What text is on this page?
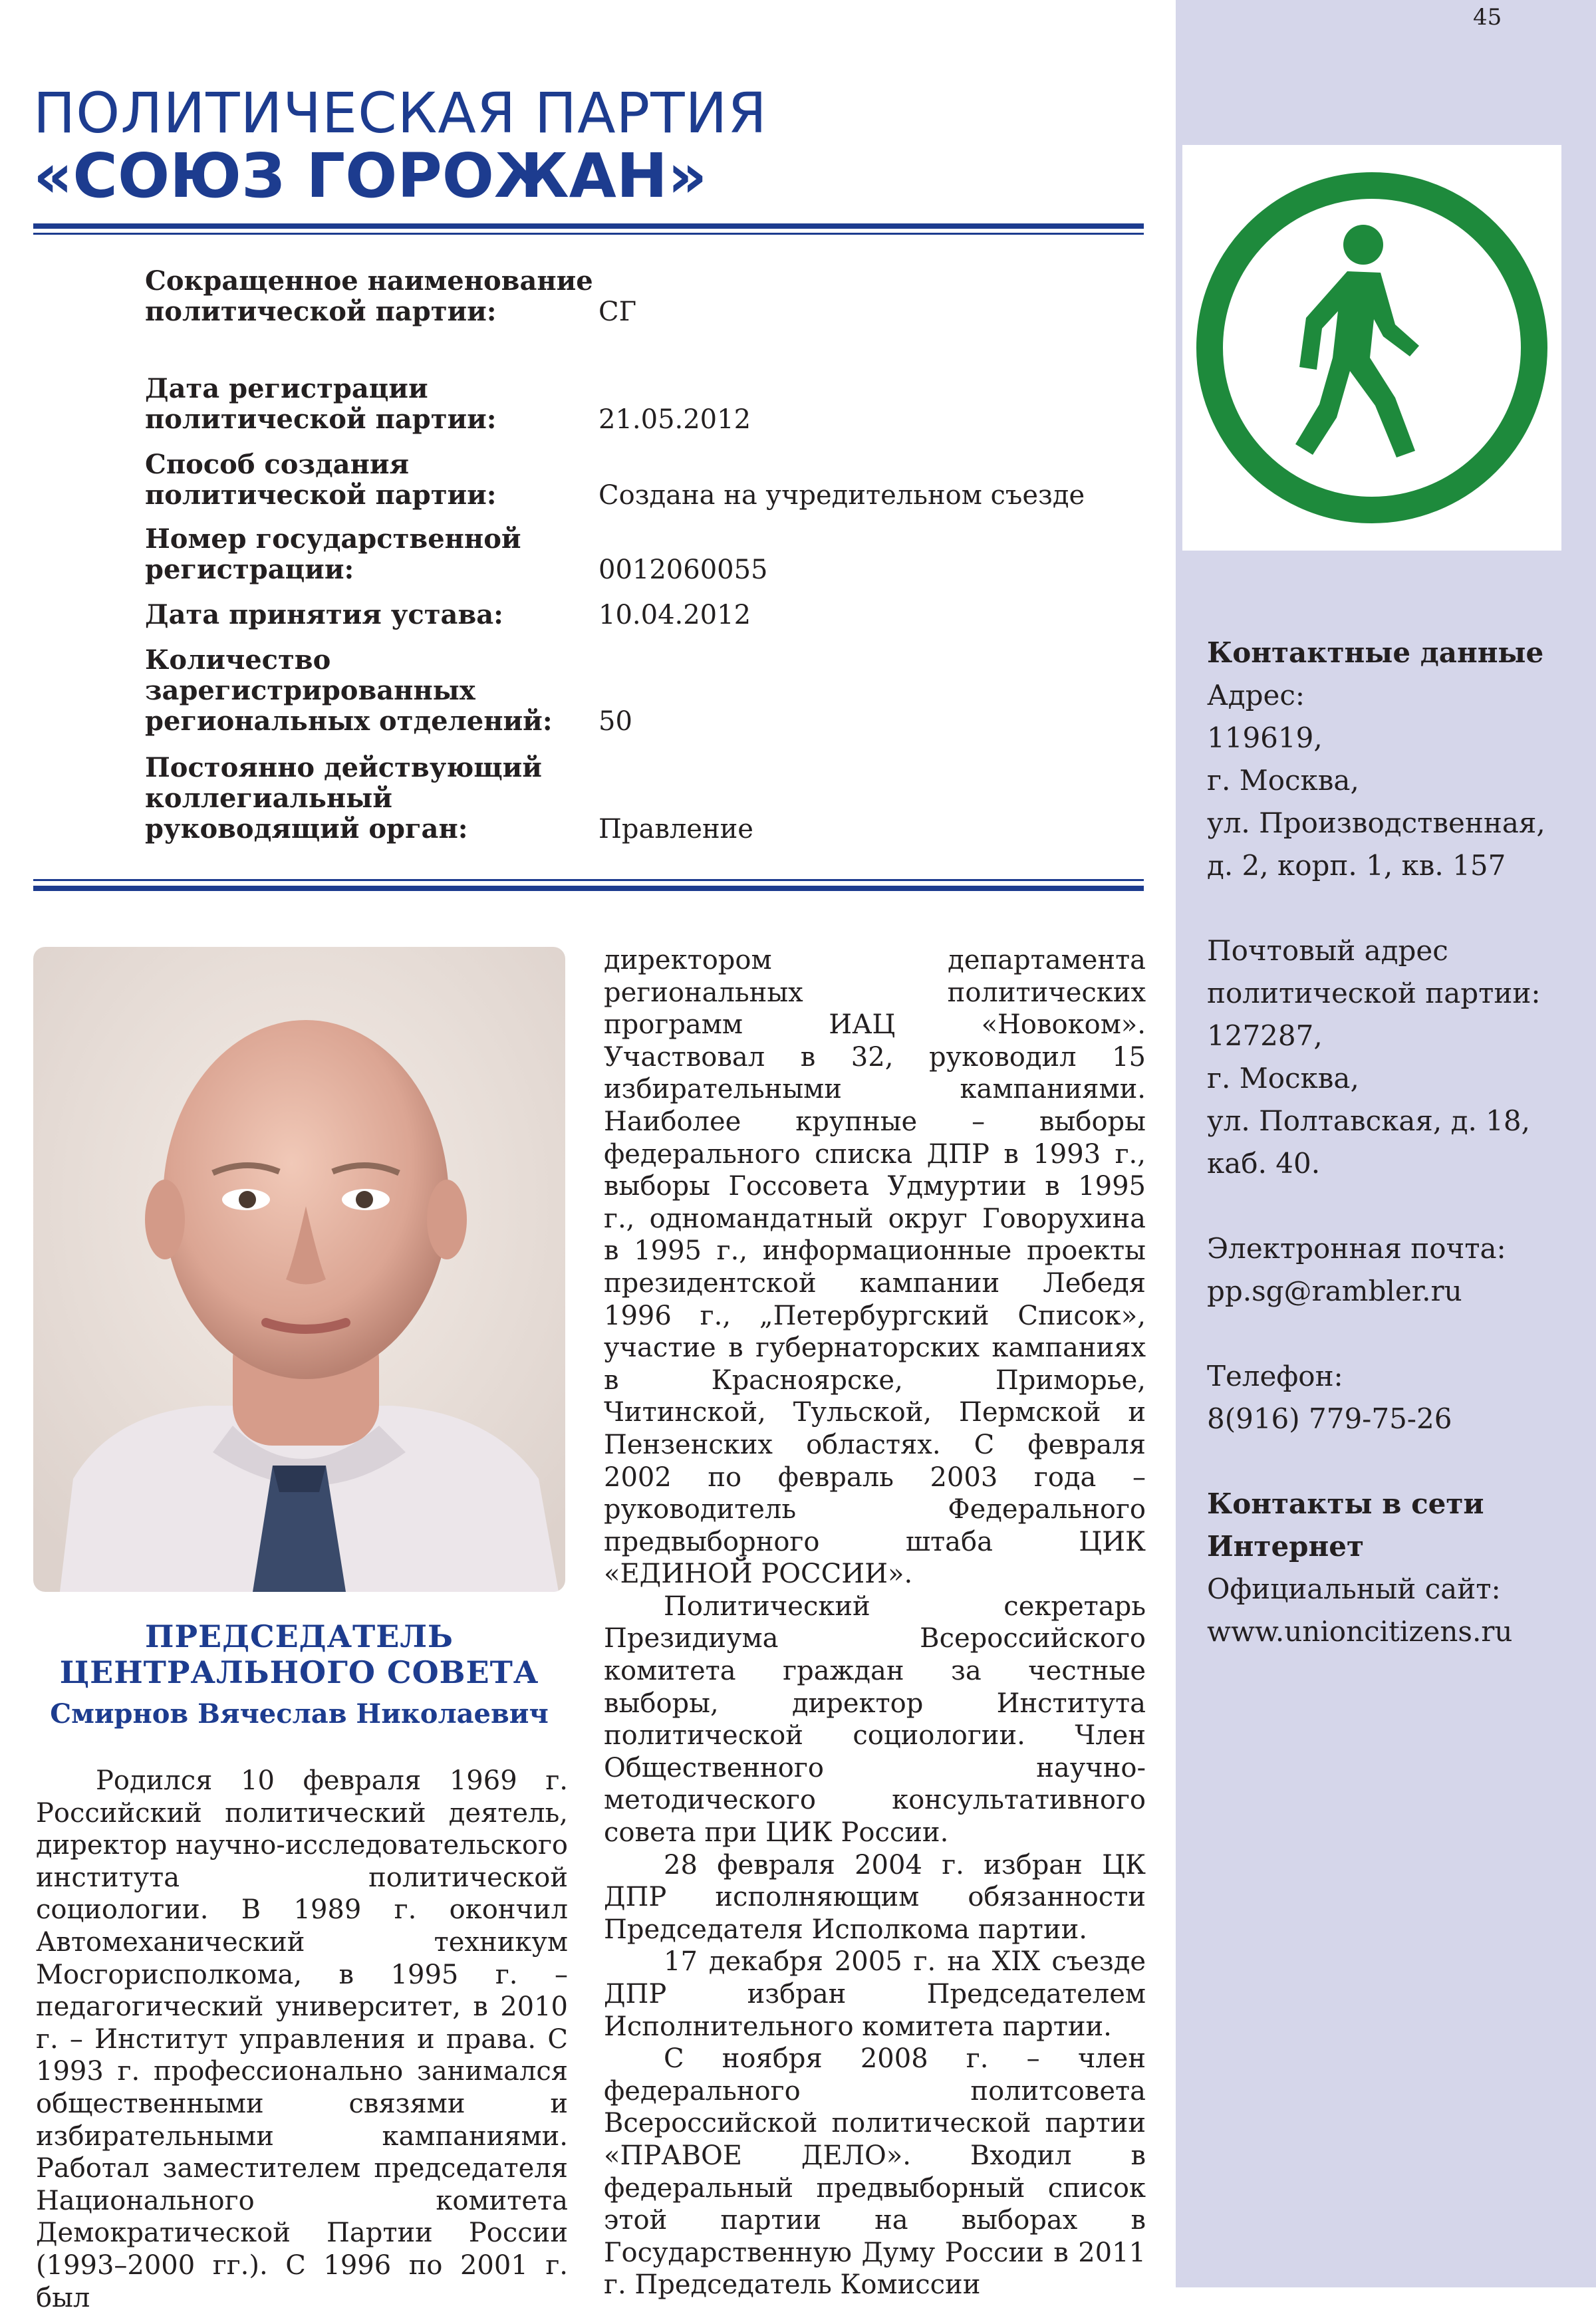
45
ПОЛИТИЧЕСКАЯ ПАРТИЯ
«СОЮЗ ГОРОЖАН»
Сокращенное наименование политической партии:	СГ
Дата регистрации политической партии:	21.05.2012
Способ создания политической партии:	Создана на учредительном съезде
Номер государственной регистрации:	0012060055
Дата принятия устава:	10.04.2012
Количество зарегистрированных региональных отделений: 50
Постоянно действующий коллегиальный руководящий орган:	Правление
ПРЕДСЕДАТЕЛЬ
ЦЕНТРАЛЬНОГО СОВЕТА
Смирнов Вячеслав Николаевич

Родился 10 февраля 1969 г. Российский политический деятель, директор научно-исследовательского института политической социологии. В 1989 г. окончил Автомеханический техникум Мосгорисполкома, в 1995 г. – педагогический университет, в 2010 г. – Институт управления и права. С 1993 г. профессионально занимался общественными связями и избирательными кампаниями. Работал заместителем председателя Национального комитета Демократической Партии России (1993–2000 гг.). С 1996 по 2001 г. был

директором департамента региональных политических программ ИАЦ «Новоком». Участвовал в 32, руководил 15 избирательными кампаниями. Наиболее крупные – выборы федерального списка ДПР в 1993 г., выборы Госсовета Удмуртии в 1995 г., одномандатный округ Говорухина в 1995 г., информационные проекты президентской кампании Лебедя 1996 г., „Петербургский Список», участие в губернаторских кампаниях в Красноярске, Приморье, Читинской, Тульской, Пермской и Пензенских областях. С февраля 2002 по февраль 2003 года – руководитель Федерального предвыборного штаба ЦИК «ЕДИНОЙ РОССИИ».

Политический секретарь Президиума Всероссийского комитета граждан за честные выборы, директор Института политической социологии. Член Общественного научно-методического консультативного совета при ЦИК России.

28 февраля 2004 г. избран ЦК ДПР исполняющим обязанности Председателя Исполкома партии.

17 декабря 2005 г. на XIX съезде ДПР избран Председателем Исполнительного комитета партии.

С ноября 2008 г. – член федерального политсовета Всероссийской политической партии «ПРАВОЕ ДЕЛО». Входил в федеральный предвыборный список этой партии на выборах в Государственную Думу России в 2011 г. Председатель Комиссии

Контактные данные
Адрес:
119619,
г. Москва,
ул. Производственная,
д. 2, корп. 1, кв. 157
Почтовый адрес
политической партии:
127287,
г. Москва,
ул. Полтавская, д. 18,
каб. 40.
Электронная почта:
pp.sg@rambler.ru
Телефон:
8(916) 779-75-26
Контакты в сети
Интернет
Официальный сайт:
www.unioncitizens.ru
